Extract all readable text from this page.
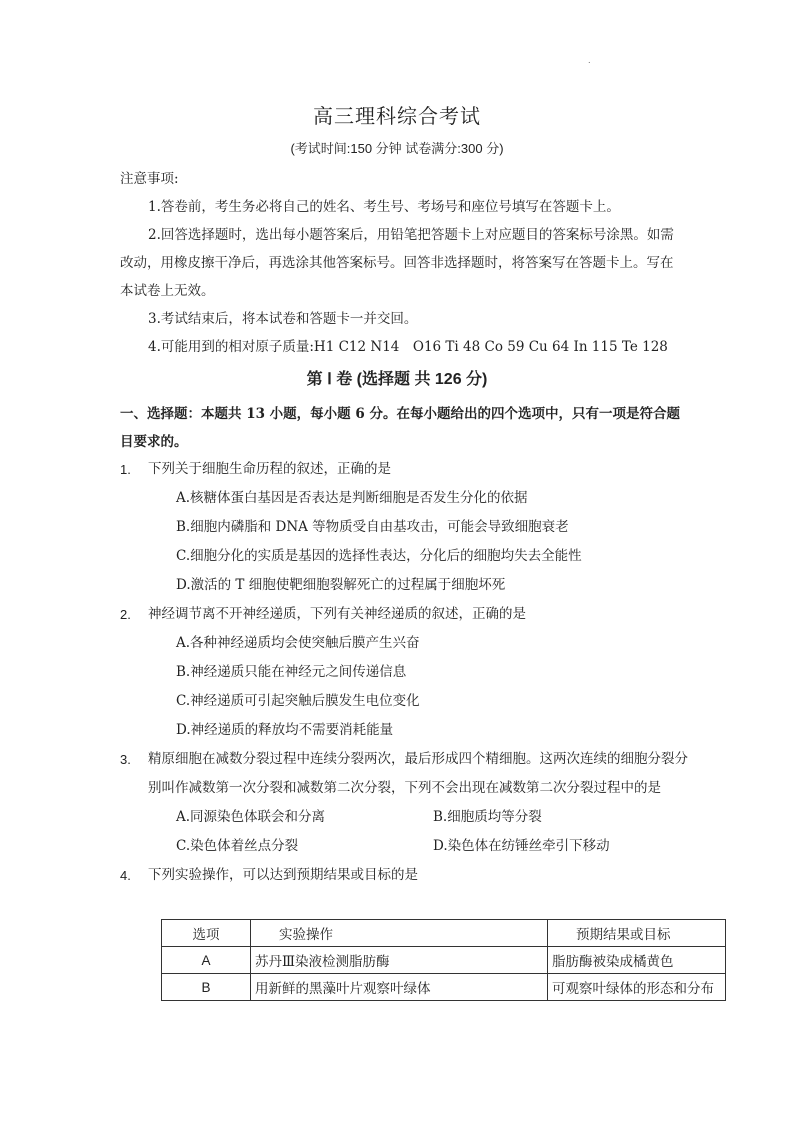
.
高三理科综合考试
(考试时间:150 分钟 试卷满分:300 分)
注意事项:
1.答卷前，考生务必将自己的姓名、考生号、考场号和座位号填写在答题卡上。

2.回答选择题时，选出每小题答案后，用铅笔把答题卡上对应题目的答案标号涂黑。如需改动，用橡皮擦干净后，再选涂其他答案标号。回答非选择题时，将答案写在答题卡上。写在本试卷上无效。

3.考试结束后，将本试卷和答题卡一并交回。
4.可能用到的相对原子质量:H1 C12 N14　O16 Ti 48 Co 59 Cu 64 In 115 Te 128
第 Ⅰ 卷 (选择题 共 126 分)
一、选择题：本题共 13 小题，每小题 6 分。在每小题给出的四个选项中，只有一项是符合题目要求的。
1. 下列关于细胞生命历程的叙述，正确的是
A.核糖体蛋白基因是否表达是判断细胞是否发生分化的依据
B.细胞内磷脂和 DNA 等物质受自由基攻击，可能会导致细胞衰老
C.细胞分化的实质是基因的选择性表达，分化后的细胞均失去全能性
D.激活的 T 细胞使靶细胞裂解死亡的过程属于细胞坏死
2. 神经调节离不开神经递质，下列有关神经递质的叙述，正确的是
A.各种神经递质均会使突触后膜产生兴奋
B.神经递质只能在神经元之间传递信息
C.神经递质可引起突触后膜发生电位变化
D.神经递质的释放均不需要消耗能量
3. 精原细胞在减数分裂过程中连续分裂两次，最后形成四个精细胞。这两次连续的细胞分裂分别叫作减数第一次分裂和减数第二次分裂，下列不会出现在减数第二次分裂过程中的是
A.同源染色体联会和分离	B.细胞质均等分裂
C.染色体着丝点分裂	D.染色体在纺锤丝牵引下移动
4. 下列实验操作，可以达到预期结果或目标的是
选项	实验操作	预期结果或目标
A	苏丹Ⅲ染液检测脂肪酶	脂肪酶被染成橘黄色
B	用新鲜的黑藻叶片观察叶绿体	可观察叶绿体的形态和分布
